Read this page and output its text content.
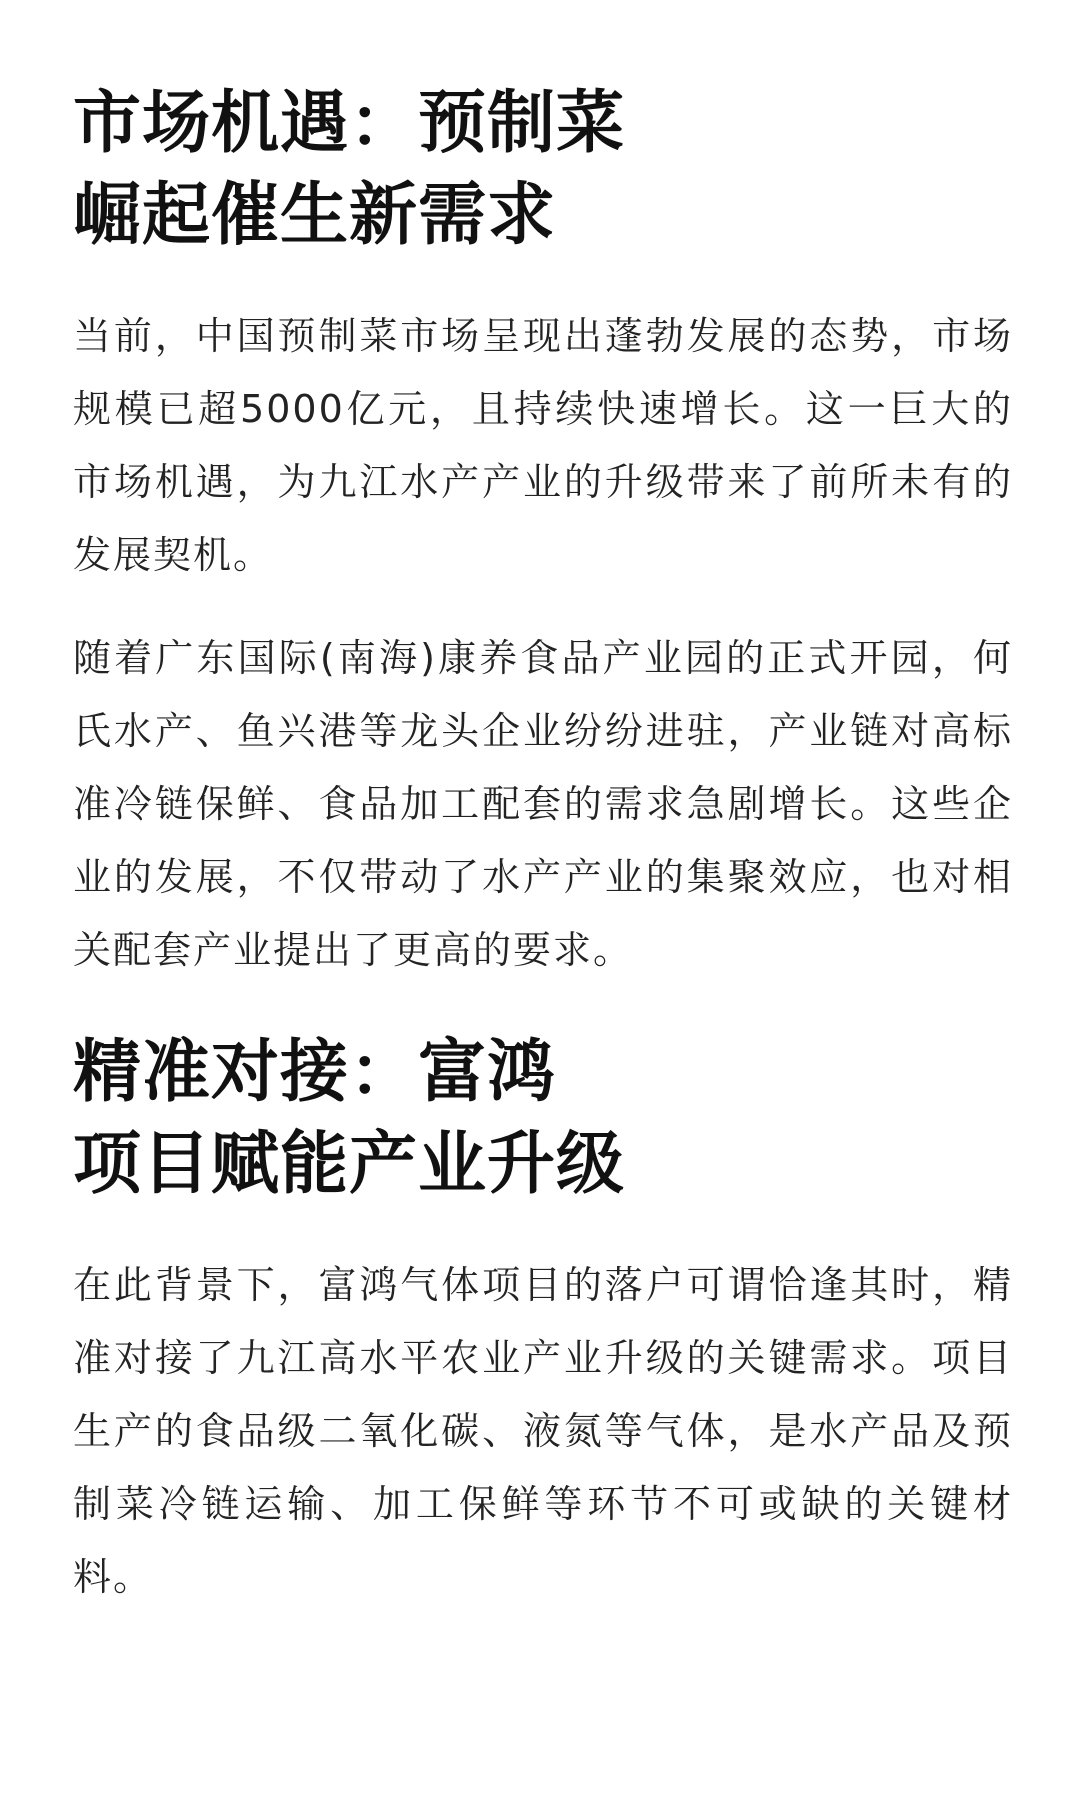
市场机遇：预制菜
崛起催生新需求

当前，中国预制菜市场呈现出蓬勃发展的态势，市场规模已超5000亿元，且持续快速增长。这一巨大的市场机遇，为九江水产产业的升级带来了前所未有的发展契机。

随着广东国际(南海)康养食品产业园的正式开园，何氏水产、鱼兴港等龙头企业纷纷进驻，产业链对高标准冷链保鲜、食品加工配套的需求急剧增长。这些企业的发展，不仅带动了水产产业的集聚效应，也对相关配套产业提出了更高的要求。

精准对接：富鸿
项目赋能产业升级

在此背景下，富鸿气体项目的落户可谓恰逢其时，精准对接了九江高水平农业产业升级的关键需求。项目生产的食品级二氧化碳、液氮等气体，是水产品及预制菜冷链运输、加工保鲜等环节不可或缺的关键材料。
